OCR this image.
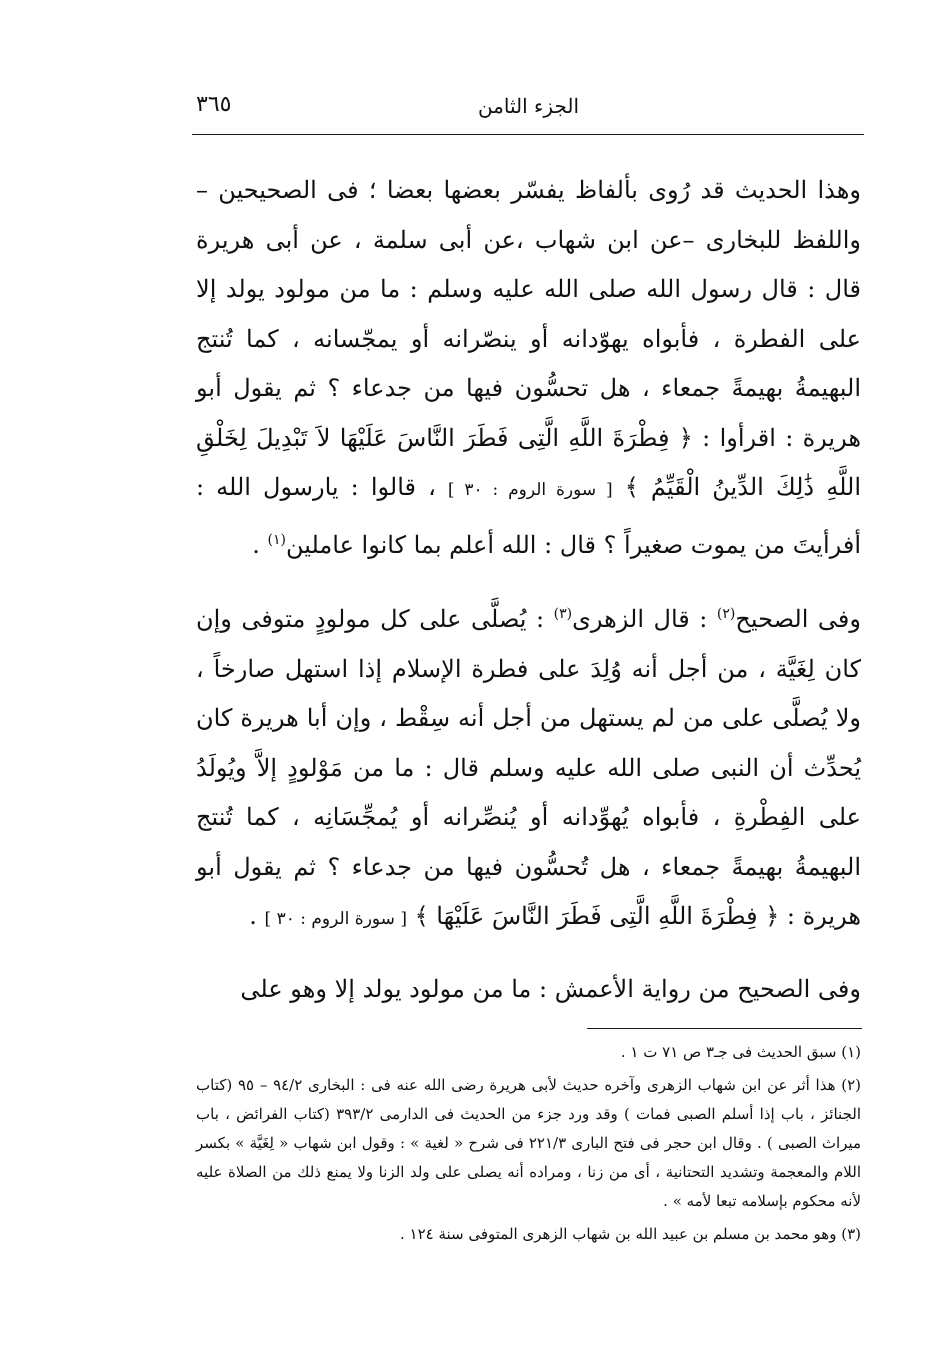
٣٦٥	الجزء الثامن

وهذا الحديث قد رُوى بألفاظ يفسّر بعضها بعضا ؛ فى الصحيحين – واللفظ للبخارى –عن ابن شهاب ،عن أبى سلمة ، عن أبى هريرة قال : قال رسول الله صلى الله عليه وسلم : ما من مولود يولد إلا على الفطرة ، فأبواه يهوّدانه أو ينصّرانه أو يمجّسانه ، كما تُنتج البهيمةُ بهيمةً جمعاء ، هل تحسُّون فيها من جدعاء ؟ ثم يقول أبو هريرة : اقرأوا : ﴿ فِطْرَةَ اللَّهِ الَّتِى فَطَرَ النَّاسَ عَلَيْهَا لاَ تَبْدِيلَ لِخَلْقِ اللَّهِ ذَٰلِكَ الدِّينُ الْقَيِّمُ ﴾ [ سورة الروم : ٣٠ ] ، قالوا : يارسول الله : أفرأيتَ من يموت صغيراً ؟ قال : الله أعلم بما كانوا عاملين$^{(١)}$ .

وفى الصحيح$^{(٢)}$ : قال الزهرى$^{(٣)}$ : يُصلَّى على كل مولودٍ متوفى وإن كان لِغَيَّة ، من أجل أنه وُلِدَ على فطرة الإسلام إذا استهل صارخاً ، ولا يُصلَّى على من لم يستهل من أجل أنه سِقْط ، وإن أبا هريرة كان يُحدِّث أن النبى صلى الله عليه وسلم قال : ما من مَوْلودٍ إلاَّ ويُولَدُ على الفِطْرةِ ، فأبواه يُهوِّدانه أو يُنصِّرانه أو يُمجِّسَانِه ، كما تُنتج البهيمةُ بهيمةً جمعاء ، هل تُحسُّون فيها من جدعاء ؟ ثم يقول أبو هريرة : ﴿ فِطْرَةَ اللَّهِ الَّتِى فَطَرَ النَّاسَ عَلَيْهَا ﴾ [ سورة الروم : ٣٠ ] .

وفى الصحيح من رواية الأعمش : ما من مولود يولد إلا وهو على

(١) سبق الحديث فى جـ٣ ص ٧١ ت ١ .

(٢) هذا أثر عن ابن شهاب الزهرى وآخره حديث لأبى هريرة رضى الله عنه فى : البخارى ٩٤/٢ – ٩٥ (كتاب الجنائز ، باب إذا أسلم الصبى فمات ) وقد ورد جزء من الحديث فى الدارمى ٣٩٣/٢ (كتاب الفرائض ، باب ميراث الصبى ) . وقال ابن حجر فى فتح البارى ٢٢١/٣ فى شرح « لغية » : وقول ابن شهاب « لِغَيَّة » بكسر اللام والمعجمة وتشديد التحتانية ، أى من زنا ، ومراده أنه يصلى على ولد الزنا ولا يمنع ذلك من الصلاة عليه لأنه محكوم بإسلامه تبعا لأمه » .

(٣) وهو محمد بن مسلم بن عبيد الله بن شهاب الزهرى المتوفى سنة ١٢٤ .
